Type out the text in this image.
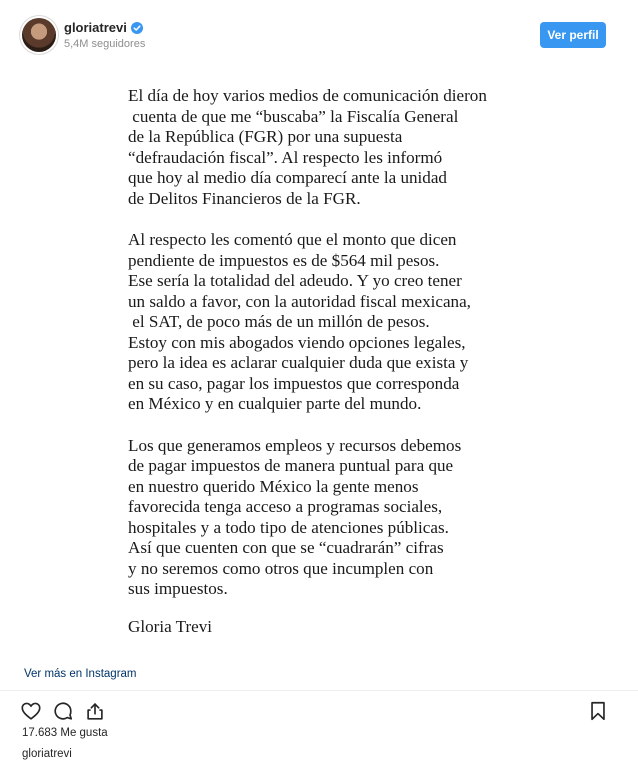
gloriatrevi
5,4M seguidores
Ver perfil
El día de hoy varios medios de comunicación dieron
cuenta de que me “buscaba” la Fiscalía General
de la República (FGR) por una supuesta
“defraudación fiscal”. Al respecto les informó
que hoy al medio día comparecí ante la unidad
de Delitos Financieros de la FGR.
Al respecto les comentó que el monto que dicen
pendiente de impuestos es de $564 mil pesos.
Ese sería la totalidad del adeudo. Y yo creo tener
un saldo a favor, con la autoridad fiscal mexicana,
el SAT, de poco más de un millón de pesos.
Estoy con mis abogados viendo opciones legales,
pero la idea es aclarar cualquier duda que exista y
en su caso, pagar los impuestos que corresponda
en México y en cualquier parte del mundo.
Los que generamos empleos y recursos debemos
de pagar impuestos de manera puntual para que
en nuestro querido México la gente menos
favorecida tenga acceso a programas sociales,
hospitales y a todo tipo de atenciones públicas.
Así que cuenten con que se “cuadrarán” cifras
y no seremos como otros que incumplen con
sus impuestos.
Gloria Trevi
Ver más en Instagram
17.683 Me gusta
gloriatrevi
